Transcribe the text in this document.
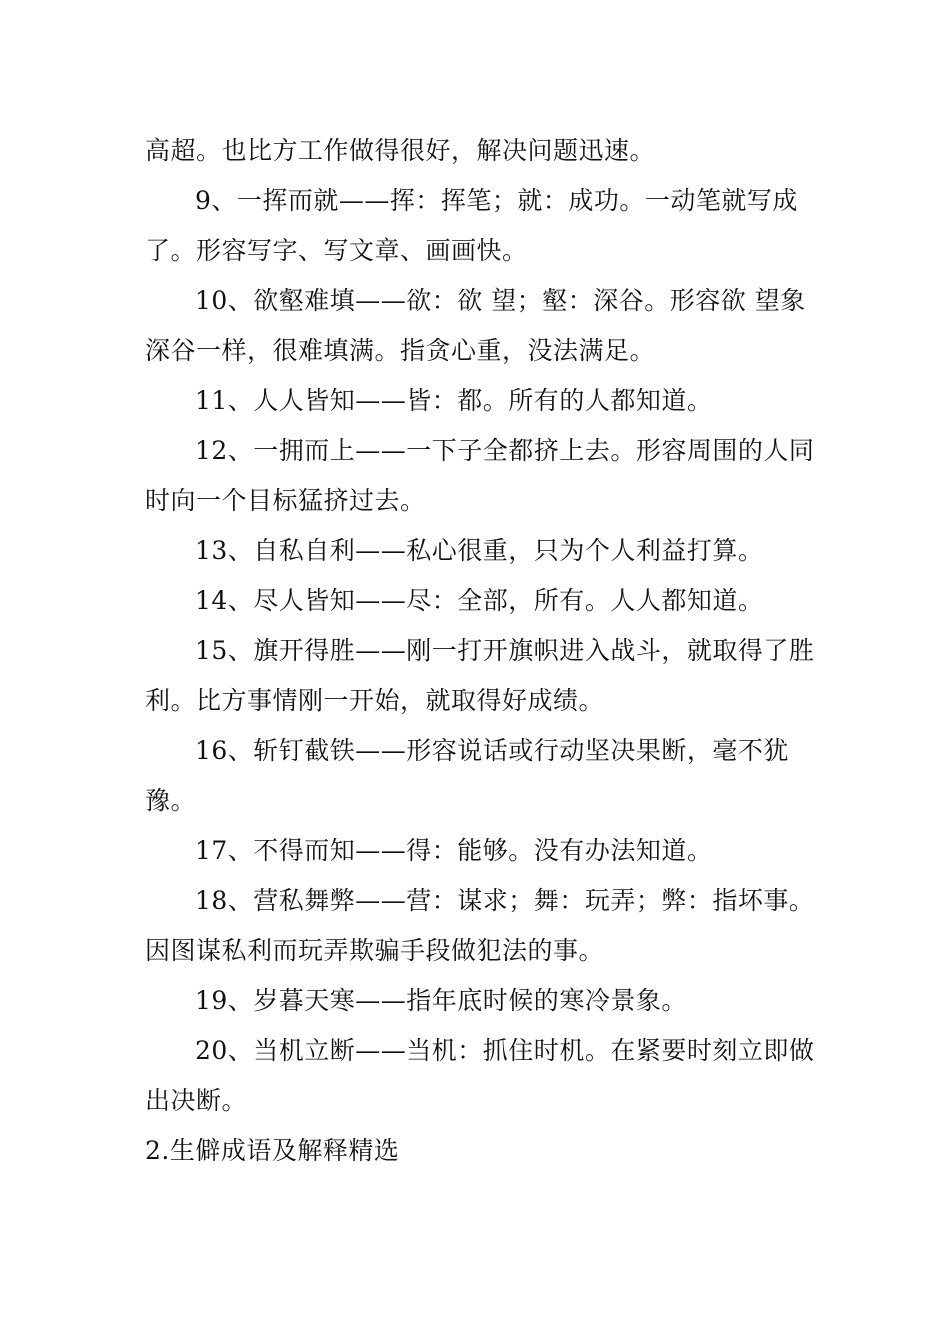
高超。也比方工作做得很好，解决问题迅速。

9、一挥而就——挥：挥笔；就：成功。一动笔就写成了。形容写字、写文章、画画快。

10、欲壑难填——欲：欲 望；壑：深谷。形容欲 望象深谷一样，很难填满。指贪心重，没法满足。

11、人人皆知——皆：都。所有的人都知道。

12、一拥而上——一下子全都挤上去。形容周围的人同时向一个目标猛挤过去。

13、自私自利——私心很重，只为个人利益打算。

14、尽人皆知——尽：全部，所有。人人都知道。

15、旗开得胜——刚一打开旗帜进入战斗，就取得了胜利。比方事情刚一开始，就取得好成绩。

16、斩钉截铁——形容说话或行动坚决果断，毫不犹豫。

17、不得而知——得：能够。没有办法知道。

18、营私舞弊——营：谋求；舞：玩弄；弊：指坏事。因图谋私利而玩弄欺骗手段做犯法的事。

19、岁暮天寒——指年底时候的寒冷景象。

20、当机立断——当机：抓住时机。在紧要时刻立即做出决断。

2.生僻成语及解释精选
